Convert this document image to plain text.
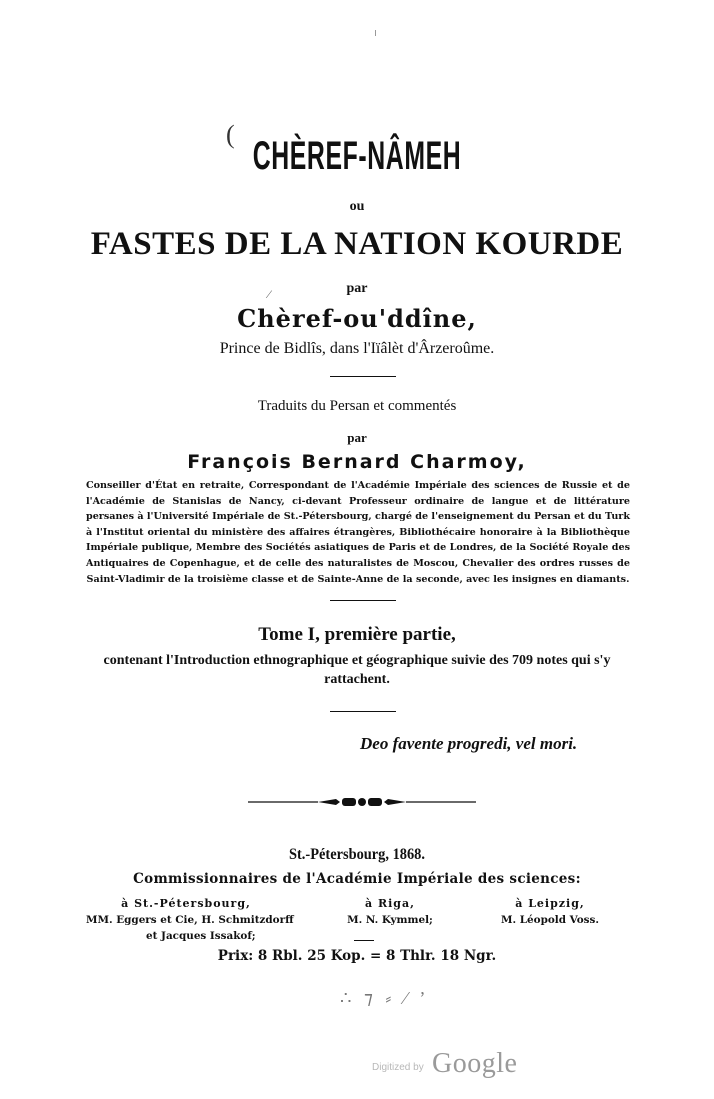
( CHÈREF-NÂMEH
ou
FASTES DE LA NATION KOURDE
par
⁄
Chèref-ou'ddîne,
Prince de Bidlîs, dans l'Iïâlèt d'Ârzeroûme.
Traduits du Persan et commentés
par
François Bernard Charmoy,
Conseiller d'État en retraite, Correspondant de l'Académie Impériale des sciences de Russie et de l'Académie de Stanislas de Nancy, ci-devant Professeur ordinaire de langue et de littérature persanes à l'Université Impériale de St.-Pétersbourg, chargé de l'enseignement du Persan et du Turk à l'Institut oriental du ministère des affaires étrangères, Bibliothécaire honoraire à la Bibliothèque Impériale publique, Membre des Sociétés asiatiques de Paris et de Londres, de la Société Royale des Antiquaires de Copenhague, et de celle des naturalistes de Moscou, Chevalier des ordres russes de Saint-Vladimir de la troisième classe et de Sainte-Anne de la seconde, avec les insignes en diamants.
Tome I, première partie,
contenant l'Introduction ethnographique et géographique suivie des 709 notes qui s'y rattachent.
Deo favente progredi, vel mori.
St.-Pétersbourg, 1868.
Commissionnaires de l'Académie Impériale des sciences:
à St.-Pétersbourg,
MM. Eggers et Cie, H. Schmitzdorff
et Jacques Issakof;
à Riga,
M. N. Kymmel;
à Leipzig,
M. Léopold Voss.
Prix: 8 Rbl. 25 Kop. = 8 Thlr. 18 Ngr.
∴ ⁊ ⸗ ⁄ ’
Digitized by Google
